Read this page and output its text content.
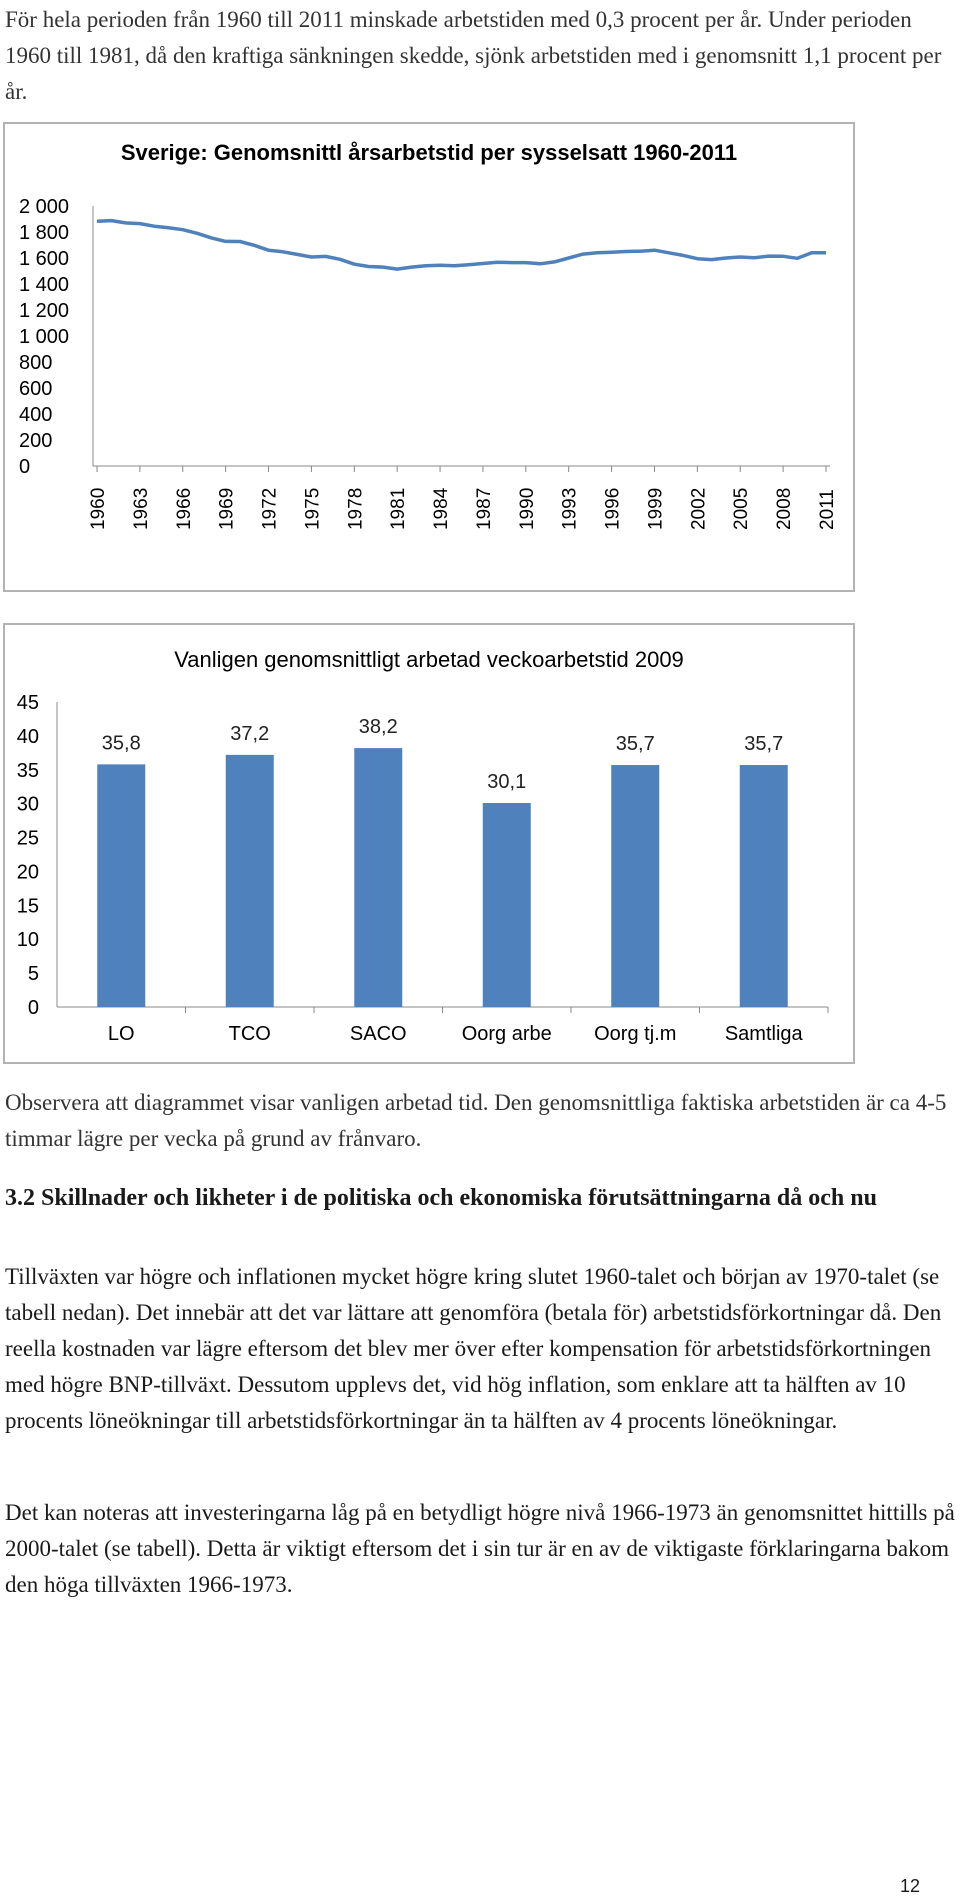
För hela perioden från 1960 till 2011 minskade arbetstiden med 0,3 procent per år. Under perioden 1960 till 1981, då den kraftiga sänkningen skedde, sjönk arbetstiden med i genomsnitt 1,1 procent per år.

Sverige: Genomsnittl årsarbetstid per sysselsatt 1960-2011
2 000
1 800
1 600
1 400
1 200
1 000
800
600
400
200
0
1960 1963 1966 1969 1972 1975 1978 1981 1984 1987 1990 1993 1996 1999 2002 2005 2008 2011
Vanligen genomsnittligt arbetad veckoarbetstid 2009
45
40
35
30
25
20
15
10
5
0
35,8	37,2	38,2
30,1
35,7	35,7
LO	TCO	SACO	Oorg arbe Oorg tj.m Samtliga

Observera att diagrammet visar vanligen arbetad tid. Den genomsnittliga faktiska arbetstiden är ca 4-5 timmar lägre per vecka på grund av frånvaro.

3.2 Skillnader och likheter i de politiska och ekonomiska förutsättningarna då och nu

Tillväxten var högre och inflationen mycket högre kring slutet 1960-talet och början av 1970-talet (se tabell nedan). Det innebär att det var lättare att genomföra (betala för) arbetstidsförkortningar då. Den reella kostnaden var lägre eftersom det blev mer över efter kompensation för arbetstidsförkortningen med högre BNP-tillväxt. Dessutom upplevs det, vid hög inflation, som enklare att ta hälften av 10 procents löneökningar till arbetstidsförkortningar än ta hälften av 4 procents löneökningar.

Det kan noteras att investeringarna låg på en betydligt högre nivå 1966-1973 än genomsnittet hittills på 2000-talet (se tabell). Detta är viktigt eftersom det i sin tur är en av de viktigaste förklaringarna bakom den höga tillväxten 1966-1973.

12
